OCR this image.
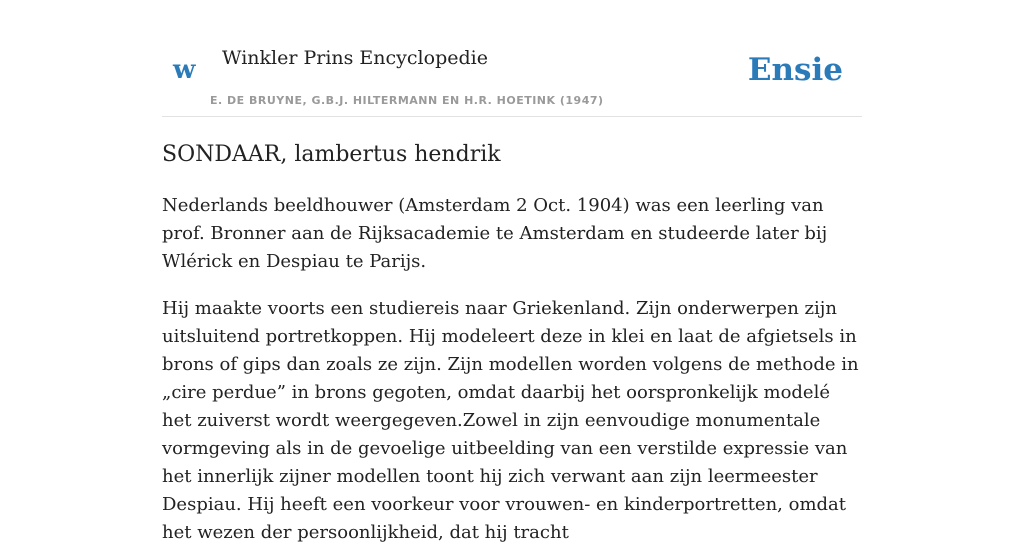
w Winkler Prins Encyclopedie
E. DE BRUYNE, G.B.J. HILTERMANN EN H.R. HOETINK (1947)
Ensie
SONDAAR, lambertus hendrik

Nederlands beeldhouwer (Amsterdam 2 Oct. 1904) was een leerling van prof. Bronner aan de Rijksacademie te Amsterdam en studeerde later bij Wlérick en Despiau te Parijs.

Hij maakte voorts een studiereis naar Griekenland. Zijn onderwerpen zijn uitsluitend portretkoppen. Hij modeleert deze in klei en laat de afgietsels in brons of gips dan zoals ze zijn. Zijn modellen worden volgens de methode in „cire perdue” in brons gegoten, omdat daarbij het oorspronkelijk modelé het zuiverst wordt weergegeven.Zowel in zijn eenvoudige monumentale vormgeving als in de gevoelige uitbeelding van een verstilde expressie van het innerlijk zijner modellen toont hij zich verwant aan zijn leermeester Despiau. Hij heeft een voorkeur voor vrouwen- en kinderportretten, omdat het wezen der persoonlijkheid, dat hij tracht
